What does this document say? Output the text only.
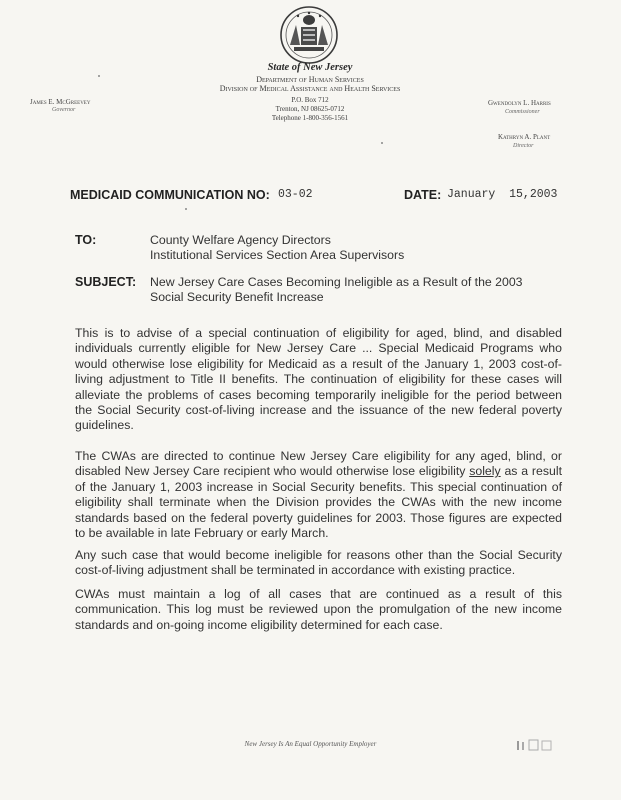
State of New Jersey
Department of Human Services
Division of Medical Assistance and Health Services
P.O. Box 712
Trenton, NJ 08625-0712
Telephone 1-800-356-1561
James E. McGreevey
Governor
Gwendolyn L. Harris
Commissioner
Kathryn A. Plant
Director
MEDICAID COMMUNICATION NO: 03-02	DATE: January  15,2003
TO:	County Welfare Agency Directors
Institutional Services Section Area Supervisors
SUBJECT: New Jersey Care Cases Becoming Ineligible as a Result of the 2003
Social Security Benefit Increase

This is to advise of a special continuation of eligibility for aged, blind, and disabled individuals currently eligible for New Jersey Care ... Special Medicaid Programs who would otherwise lose eligibility for Medicaid as a result of the January 1, 2003 cost-of-living adjustment to Title II benefits. The continuation of eligibility for these cases will alleviate the problems of cases becoming temporarily ineligible for the period between the Social Security cost-of-living increase and the issuance of the new federal poverty guidelines.

The CWAs are directed to continue New Jersey Care eligibility for any aged, blind, or disabled New Jersey Care recipient who would otherwise lose eligibility solely as a result of the January 1, 2003 increase in Social Security benefits. This special continuation of eligibility shall terminate when the Division provides the CWAs with the new income standards based on the federal poverty guidelines for 2003. Those figures are expected to be available in late February or early March.

Any such case that would become ineligible for reasons other than the Social Security cost-of-living adjustment shall be terminated in accordance with existing practice.

CWAs must maintain a log of all cases that are continued as a result of this communication. This log must be reviewed upon the promulgation of the new income standards and on-going income eligibility determined for each case.

New Jersey Is An Equal Opportunity Employer
